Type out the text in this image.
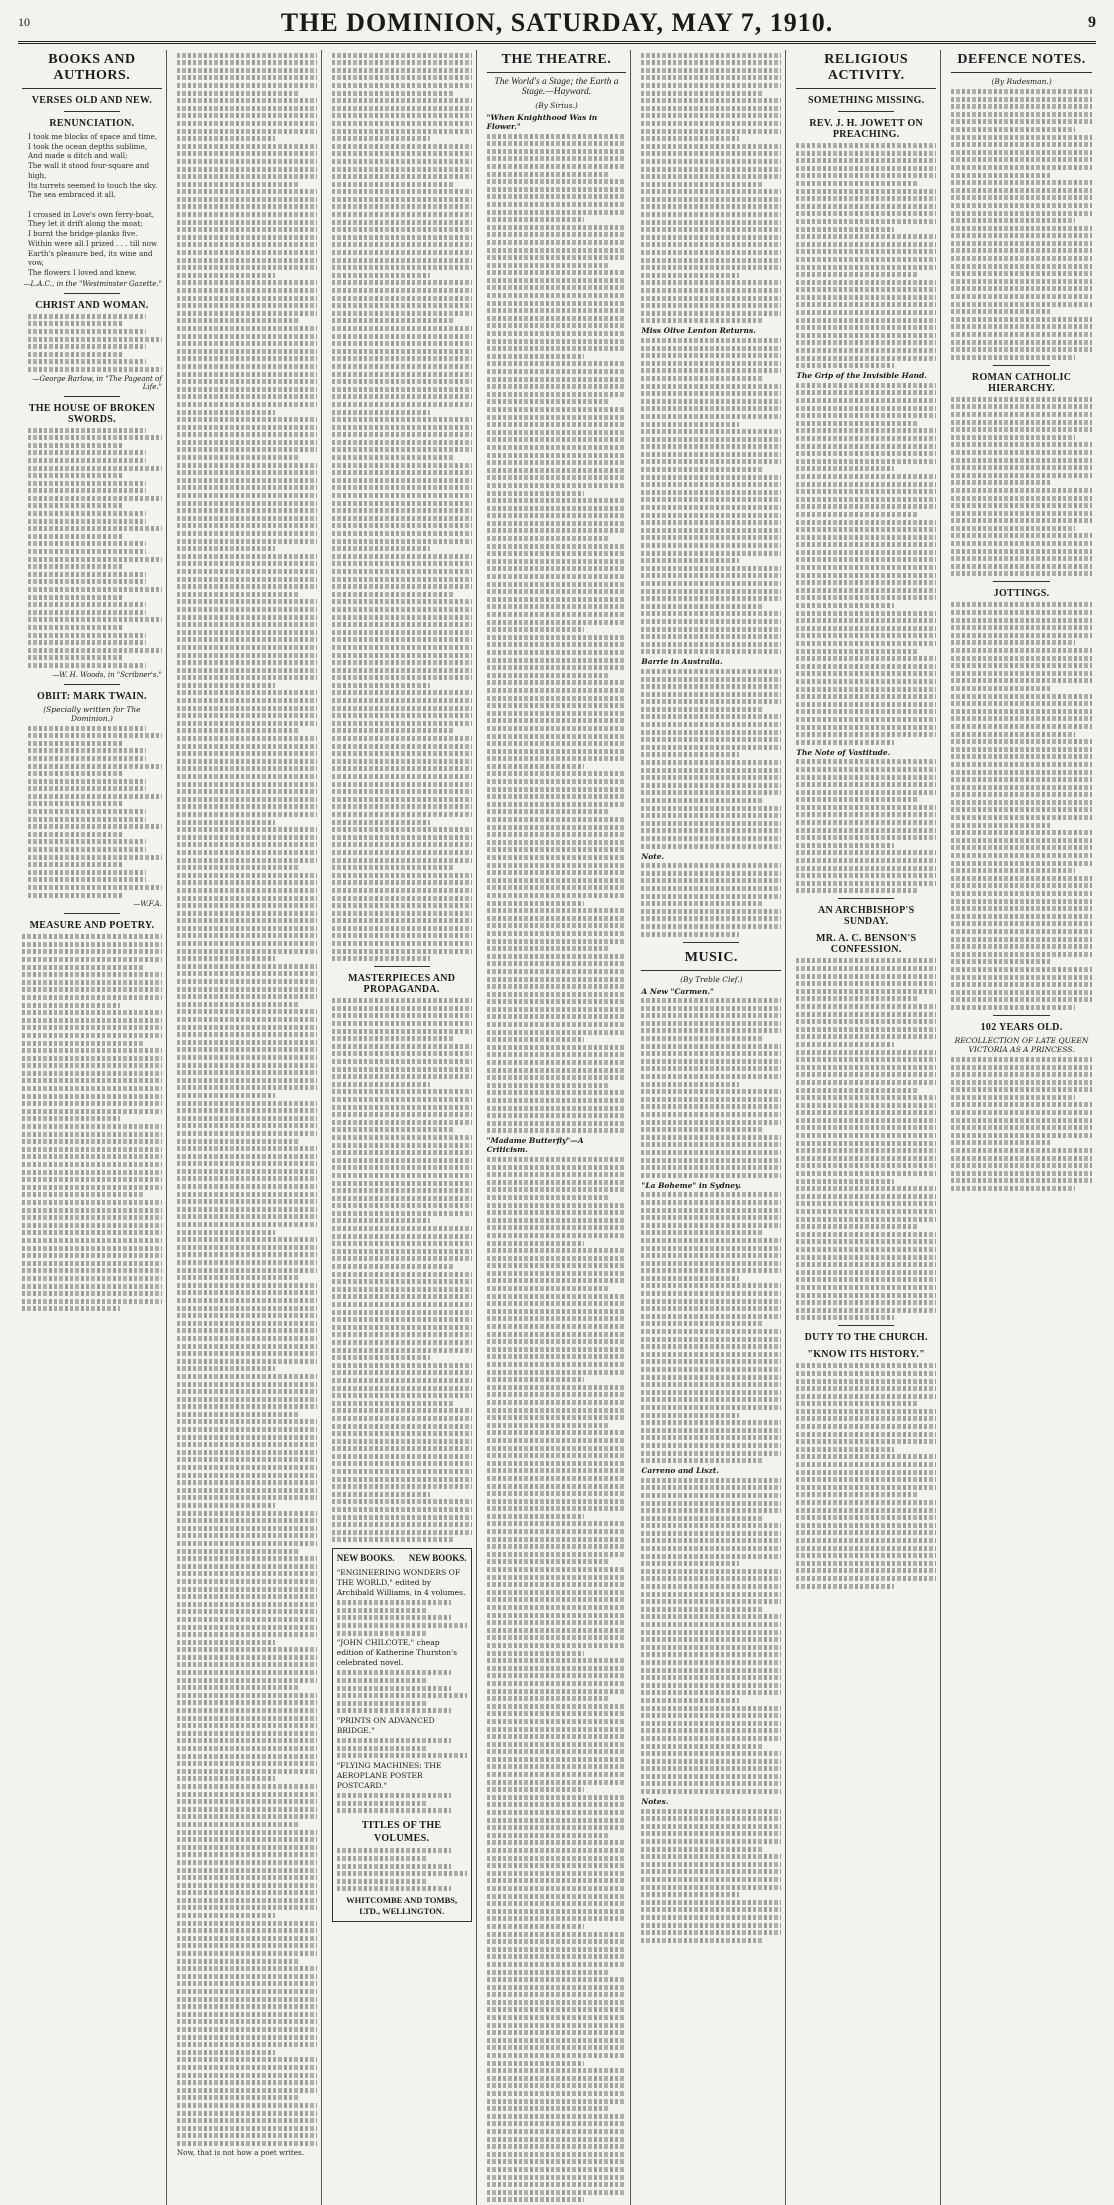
10	THE DOMINION, SATURDAY, MAY 7, 1910.	9
BOOKS AND AUTHORS.
VERSES OLD AND NEW.
RENUNCIATION.
I took me blocks of space and time,
I took the ocean depths sublime,
And made a ditch and wall;
The wall it stood four-square and high,
Its turrets seemed to touch the sky.
The sea embraced it all.

I crossed in Love's own ferry-boat,
They let it drift along the moat;
I burnt the bridge-planks five.
Within were all I prized . . . till now
Earth's pleasure bed, its wine and vow,
The flowers I loved and knew.
—L.A.C., in the "Westminster Gazette."
CHRIST AND WOMAN.
—George Barlow, in "The Pageant of Life."
THE HOUSE OF BROKEN SWORDS.
—W. H. Woods, in "Scribner's."
OBIIT: MARK TWAIN.
(Specially written for The Dominion.)
—W.F.A.
MEASURE AND POETRY.
Now, that is not how a poet writes.
MASTERPIECES AND PROPAGANDA.
NEW BOOKS. NEW BOOKS.
"ENGINEERING WONDERS OF THE WORLD," edited by Archibald Williams, in 4 volumes.
"JOHN CHILCOTE," cheap edition of Katherine Thurston's celebrated novel.
"PRINTS ON ADVANCED BRIDGE."
"FLYING MACHINES: THE AEROPLANE POSTER POSTCARD."
TITLES OF THE VOLUMES.
WHITCOMBE AND TOMBS, LTD., WELLINGTON.
THE THEATRE.
The World's a Stage; the Earth a Stage.—Hayward.
(By Sirius.)
"When Knighthood Was in Flower."
"Madame Butterfly"—A Criticism.
Miss Olive Lenton Returns.
Barrie in Australia.
Note.
MUSIC.
(By Treble Clef.)
A New "Carmen."
"La Boheme" in Sydney.
Carreno and Liszt.
Notes.
RELIGIOUS ACTIVITY.
SOMETHING MISSING.
REV. J. H. JOWETT ON PREACHING.
The Grip of the Invisible Hand.
The Note of Vastitude.
AN ARCHBISHOP'S SUNDAY.
MR. A. C. BENSON'S CONFESSION.
DUTY TO THE CHURCH.
"KNOW ITS HISTORY."
DEFENCE NOTES.
(By Rudesman.)
ROMAN CATHOLIC HIERARCHY.
JOTTINGS.
102 YEARS OLD.
RECOLLECTION OF LATE QUEEN VICTORIA AS A PRINCESS.
